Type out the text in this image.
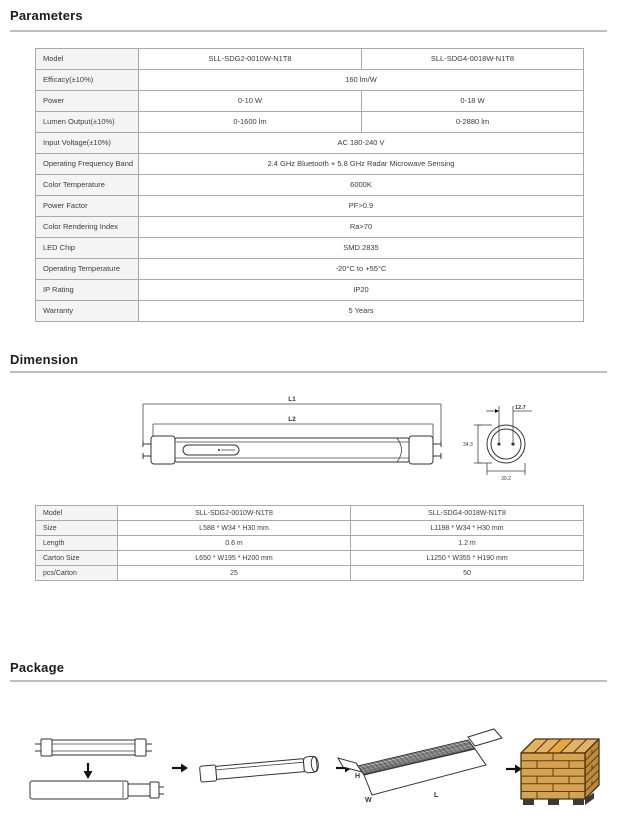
Parameters
Model	SLL-SDG2-0010W-N1T8	SLL-SDG4-0018W-N1T8
Efficacy(±10%)	160 lm/W	
Power	0-10 W	0-18 W
Lumen Output(±10%)	0-1600 lm	0-2880 lm
Input Voltage(±10%)	AC 180-240 V	
Operating Frequency Band	2.4 GHz Bluetooth + 5.8 GHz Radar Microwave Sensing	
Color Temperature	6000K	
Power Factor	PF>0.9	
Color Rendering Index	Ra>70	
LED Chip	SMD 2835	
Operating Temperature	-20°C to +55°C	
IP Rating	IP20	
Warranty	5 Years	
Dimension
L1
L2
12.7
34.3
30.2
Model	SLL-SDG2-0010W-N1T8	SLL-SDG4-0018W-N1T8
Size	L588 * W34 * H30 mm	L1198 * W34 * H30 mm
Length	0.6 m	1.2 m
Carton Size	L650 * W195 * H200 mm	L1250 * W355 * H190 mm
pcs/Carton	25	50
Package
H
W
L
